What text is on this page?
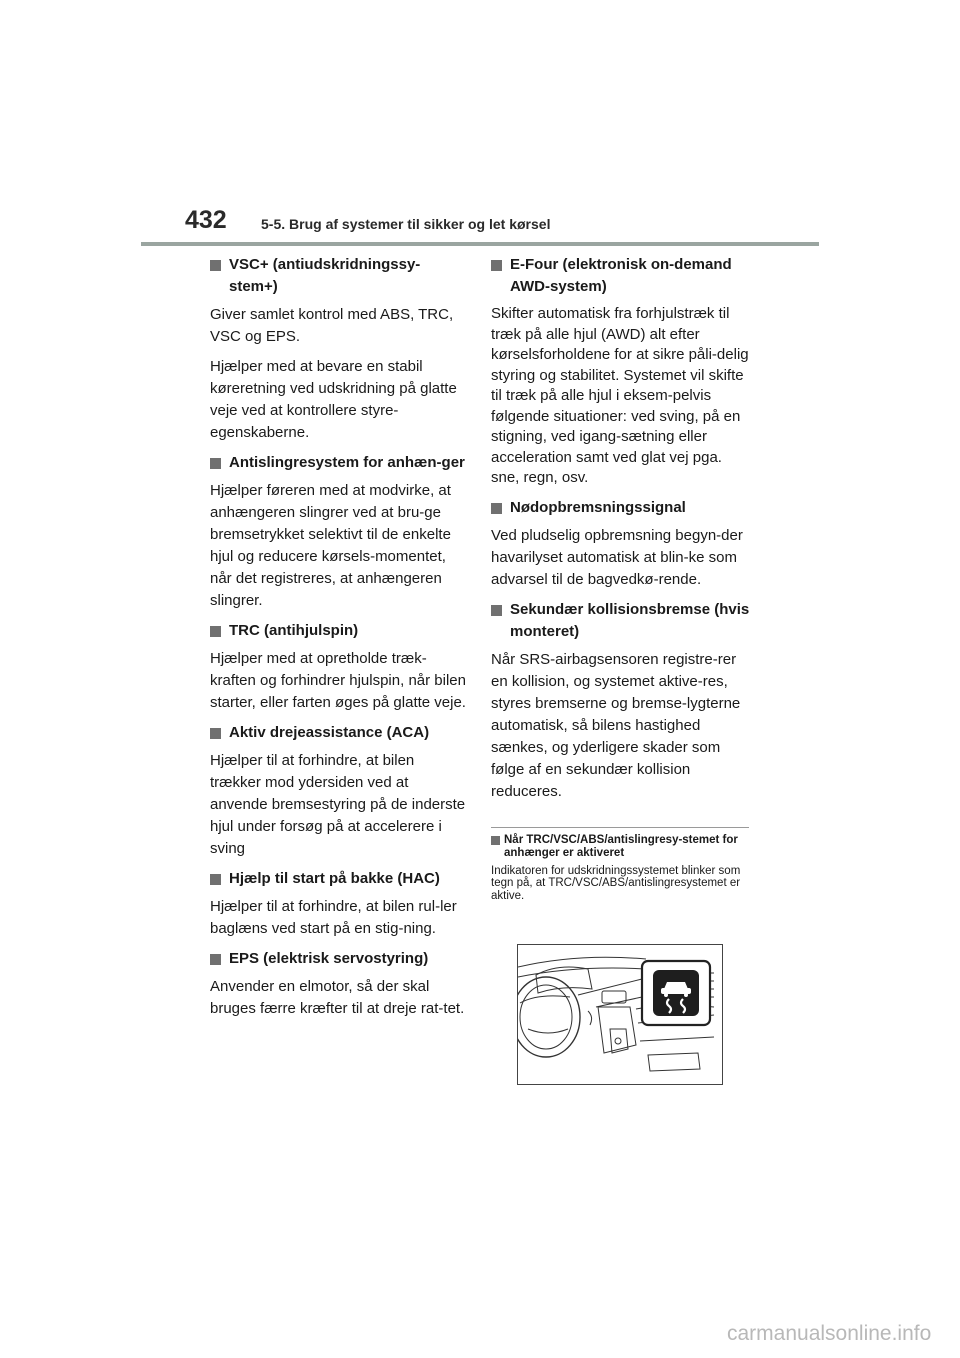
432 5-5. Brug af systemer til sikker og let kørsel
VSC+ (antiudskridningssy-stem+)

Giver samlet kontrol med ABS, TRC, VSC og EPS.

Hjælper med at bevare en stabil køreretning ved udskridning på glatte veje ved at kontrollere styre-egenskaberne.

Antislingresystem for anhæn-ger

Hjælper føreren med at modvirke, at anhængeren slingrer ved at bru-ge bremsetrykket selektivt til de enkelte hjul og reducere kørsels-momentet, når det registreres, at anhængeren slingrer.

TRC (antihjulspin)

Hjælper med at opretholde træk-kraften og forhindrer hjulspin, når bilen starter, eller farten øges på glatte veje.

Aktiv drejeassistance (ACA)

Hjælper til at forhindre, at bilen trækker mod ydersiden ved at anvende bremsestyring på de inderste hjul under forsøg på at accelerere i sving

Hjælp til start på bakke (HAC)

Hjælper til at forhindre, at bilen rul-ler baglæns ved start på en stig-ning.

EPS (elektrisk servostyring)

Anvender en elmotor, så der skal bruges færre kræfter til at dreje rat-tet.

E-Four (elektronisk on-demand AWD-system)

Skifter automatisk fra forhjulstræk til træk på alle hjul (AWD) alt efter kørselsforholdene for at sikre påli-delig styring og stabilitet. Systemet vil skifte til træk på alle hjul i eksem-pelvis følgende situationer: ved sving, på en stigning, ved igang-sætning eller acceleration samt ved glat vej pga. sne, regn, osv.

Nødopbremsningssignal

Ved pludselig opbremsning begyn-der havarilyset automatisk at blin-ke som advarsel til de bagvedkø-rende.

Sekundær kollisionsbremse (hvis monteret)

Når SRS-airbagsensoren registre-rer en kollision, og systemet aktive-res, styres bremserne og bremse-lygterne automatisk, så bilens hastighed sænkes, og yderligere skader som følge af en sekundær kollision reduceres.

Når TRC/VSC/ABS/antislingresy-stemet for anhænger er aktiveret
Indikatoren for udskridningssystemet blinker som tegn på, at TRC/VSC/ABS/antislingresystemet er aktive.
carmanualsonline.info
